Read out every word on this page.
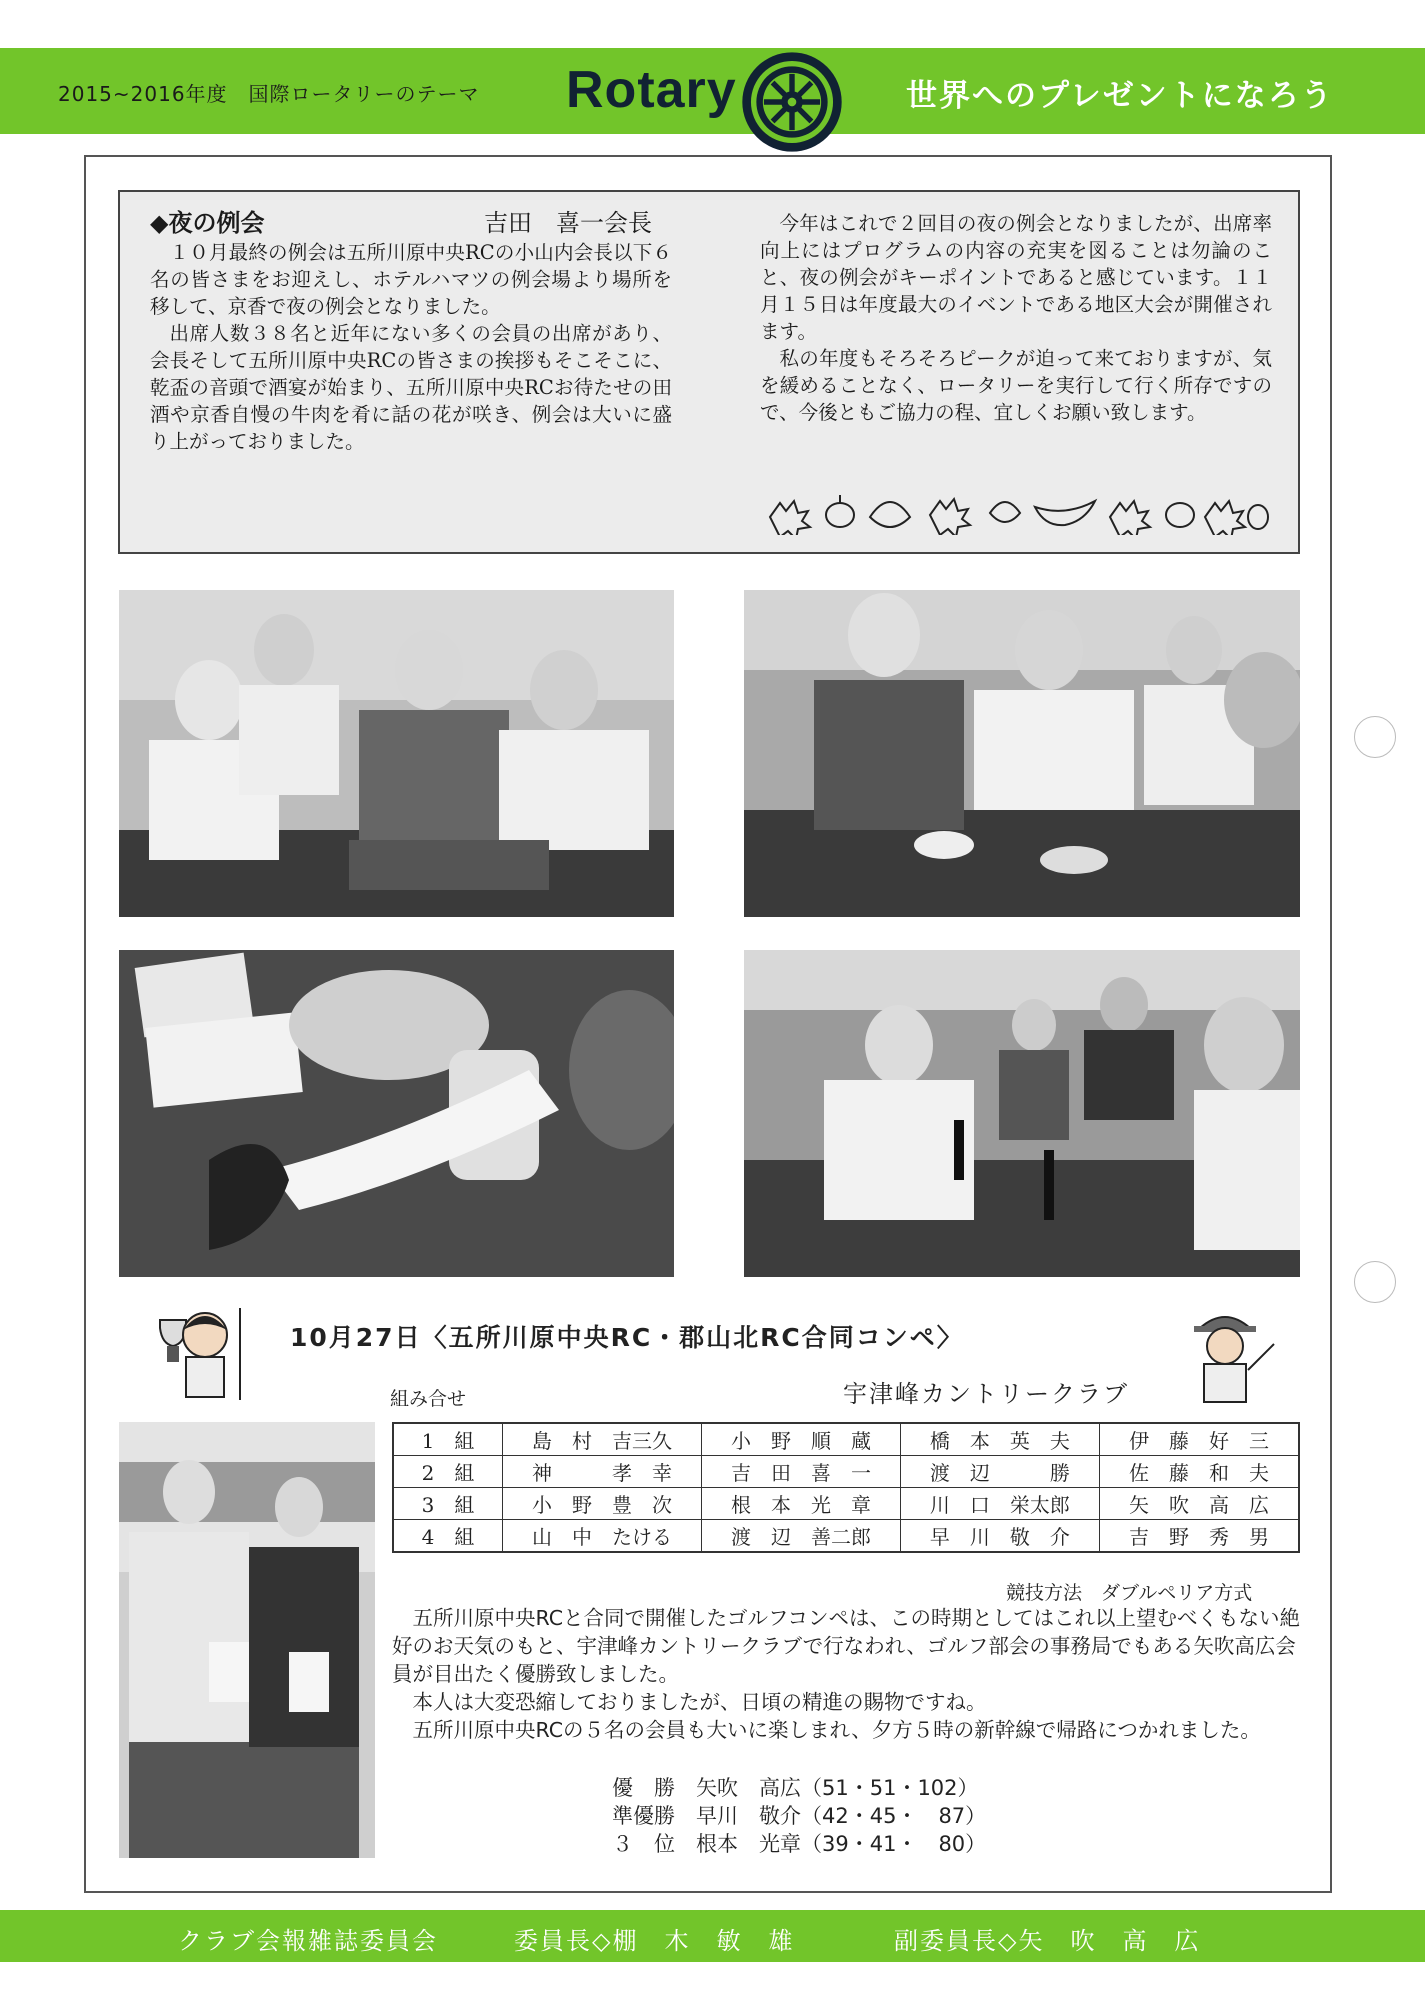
2015~2016年度　国際ロータリーのテーマ Rotary	世界へのプレゼントになろう
◆夜の例会	吉田　喜一会長

１０月最終の例会は五所川原中央RCの小山内会長以下６名の皆さまをお迎えし、ホテルハマツの例会場より場所を移して、京香で夜の例会となりました。

出席人数３８名と近年にない多くの会員の出席があり、会長そして五所川原中央RCの皆さまの挨拶もそこそこに、乾盃の音頭で酒宴が始まり、五所川原中央RCお待たせの田酒や京香自慢の牛肉を肴に話の花が咲き、例会は大いに盛り上がっておりました。

今年はこれで２回目の夜の例会となりましたが、出席率向上にはプログラムの内容の充実を図ることは勿論のこと、夜の例会がキーポイントであると感じています。１１月１５日は年度最大のイベントである地区大会が開催されます。

私の年度もそろそろピークが迫って来ておりますが、気を緩めることなく、ロータリーを実行して行く所存ですので、今後ともご協力の程、宜しくお願い致します。

10月27日〈五所川原中央RC・郡山北RC合同コンペ〉
組み合せ	宇津峰カントリークラブ
1　組	島　村　吉三久	小　野　順　蔵	橋　本　英　夫	伊　藤　好　三
2　組	神　　　孝　幸	吉　田　喜　一	渡　辺　　　勝	佐　藤　和　夫
3　組	小　野　豊　次	根　本　光　章	川　口　栄太郎	矢　吹　高　広
4　組	山　中　たける	渡　辺　善二郎	早　川　敬　介	吉　野　秀　男
競技方法　ダブルペリア方式

五所川原中央RCと合同で開催したゴルフコンペは、この時期としてはこれ以上望むべくもない絶好のお天気のもと、宇津峰カントリークラブで行なわれ、ゴルフ部会の事務局でもある矢吹高広会員が目出たく優勝致しました。

本人は大変恐縮しておりましたが、日頃の精進の賜物ですね。

五所川原中央RCの５名の会員も大いに楽しまれ、夕方５時の新幹線で帰路につかれました。

優　勝　矢吹　高広（51・51・102）
準優勝　早川　敬介（42・45・　87）
３　位　根本　光章（39・41・　80）
クラブ会報雑誌委員会	委員長◇棚　木　敏　雄	副委員長◇矢　吹　高　広
